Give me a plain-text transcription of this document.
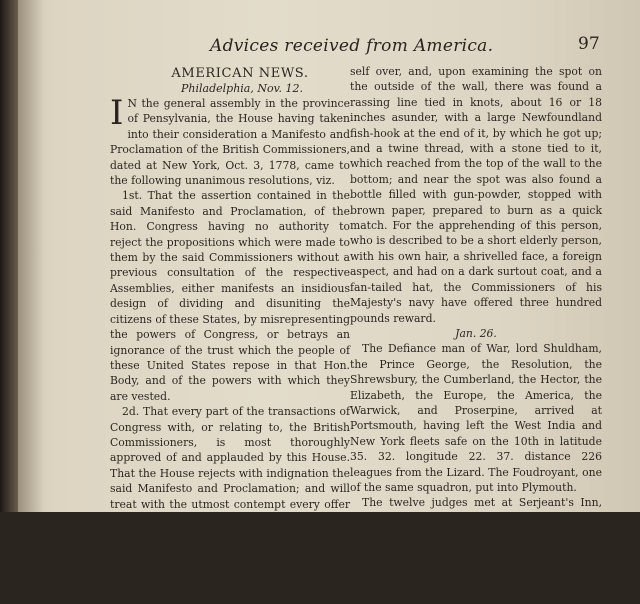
Advices received from America.	97
AMERICAN NEWS.
Philadelphia, Nov. 12.

I N the general assembly in the province of Pensylvania, the House having taken into their consideration a Manifesto and Proclamation of the British Commissioners, dated at New York, Oct. 3, 1778, came to the following unanimous resolutions, viz.

1st. That the assertion contained in the said Manifesto and Proclamation, of the Hon. Congress having no authority to reject the propositions which were made to them by the said Commissioners without a previous consultation of the respective Assemblies, either manifests an insidious design of dividing and disuniting the citizens of these States, by misrepresenting the powers of Congress, or betrays an ignorance of the trust which the people of these United States repose in that Hon. Body, and of the powers with which they are vested.

2d. That every part of the transactions of Congress with, or relating to, the British Commissioners, is most thoroughly approved of and applauded by this House. That the House rejects with indignation the said Manifesto and Proclamation; and will treat with the utmost contempt every offer which can be made to seduce them from their Independence, or their alliance with France.

Extract from the Minutes,

JOHN MORRIS, jun.

Clerk of General Assembly.

self over, and, upon examining the spot on the outside of the wall, there was found a rassing line tied in knots, about 16 or 18 inches asunder, with a large Newfoundland fish-hook at the end of it, by which he got up; and a twine thread, with a stone tied to it, which reached from the top of the wall to the bottom; and near the spot was also found a bottle filled with gun-powder, stopped with brown paper, prepared to burn as a quick match. For the apprehending of this person, who is described to be a short elderly person, with his own hair, a shrivelled face, a foreign aspect, and had on a dark surtout coat, and a fan-tailed hat, the Commissioners of his Majesty's navy have offered three hundred pounds reward.

Jan. 26.

The Defiance man of War, lord Shuldham, the Prince George, the Resolution, the Shrewsbury, the Cumberland, the Hector, the Elizabeth, the Europe, the America, the Warwick, and Proserpine, arrived at Portsmouth, having left the West India and New York fleets safe on the 10th in latitude 35. 32. longitude 22. 37. distance 226 leagues from the Lizard. The Foudroyant, one of the same squadron, put into Plymouth.

The twelve judges met at Serjeant's Inn, and took the case of Rowland Rigley into consideration, who, some time ago, was tried at the Old Bailey, and found guilty of having implements for coining in his possession
